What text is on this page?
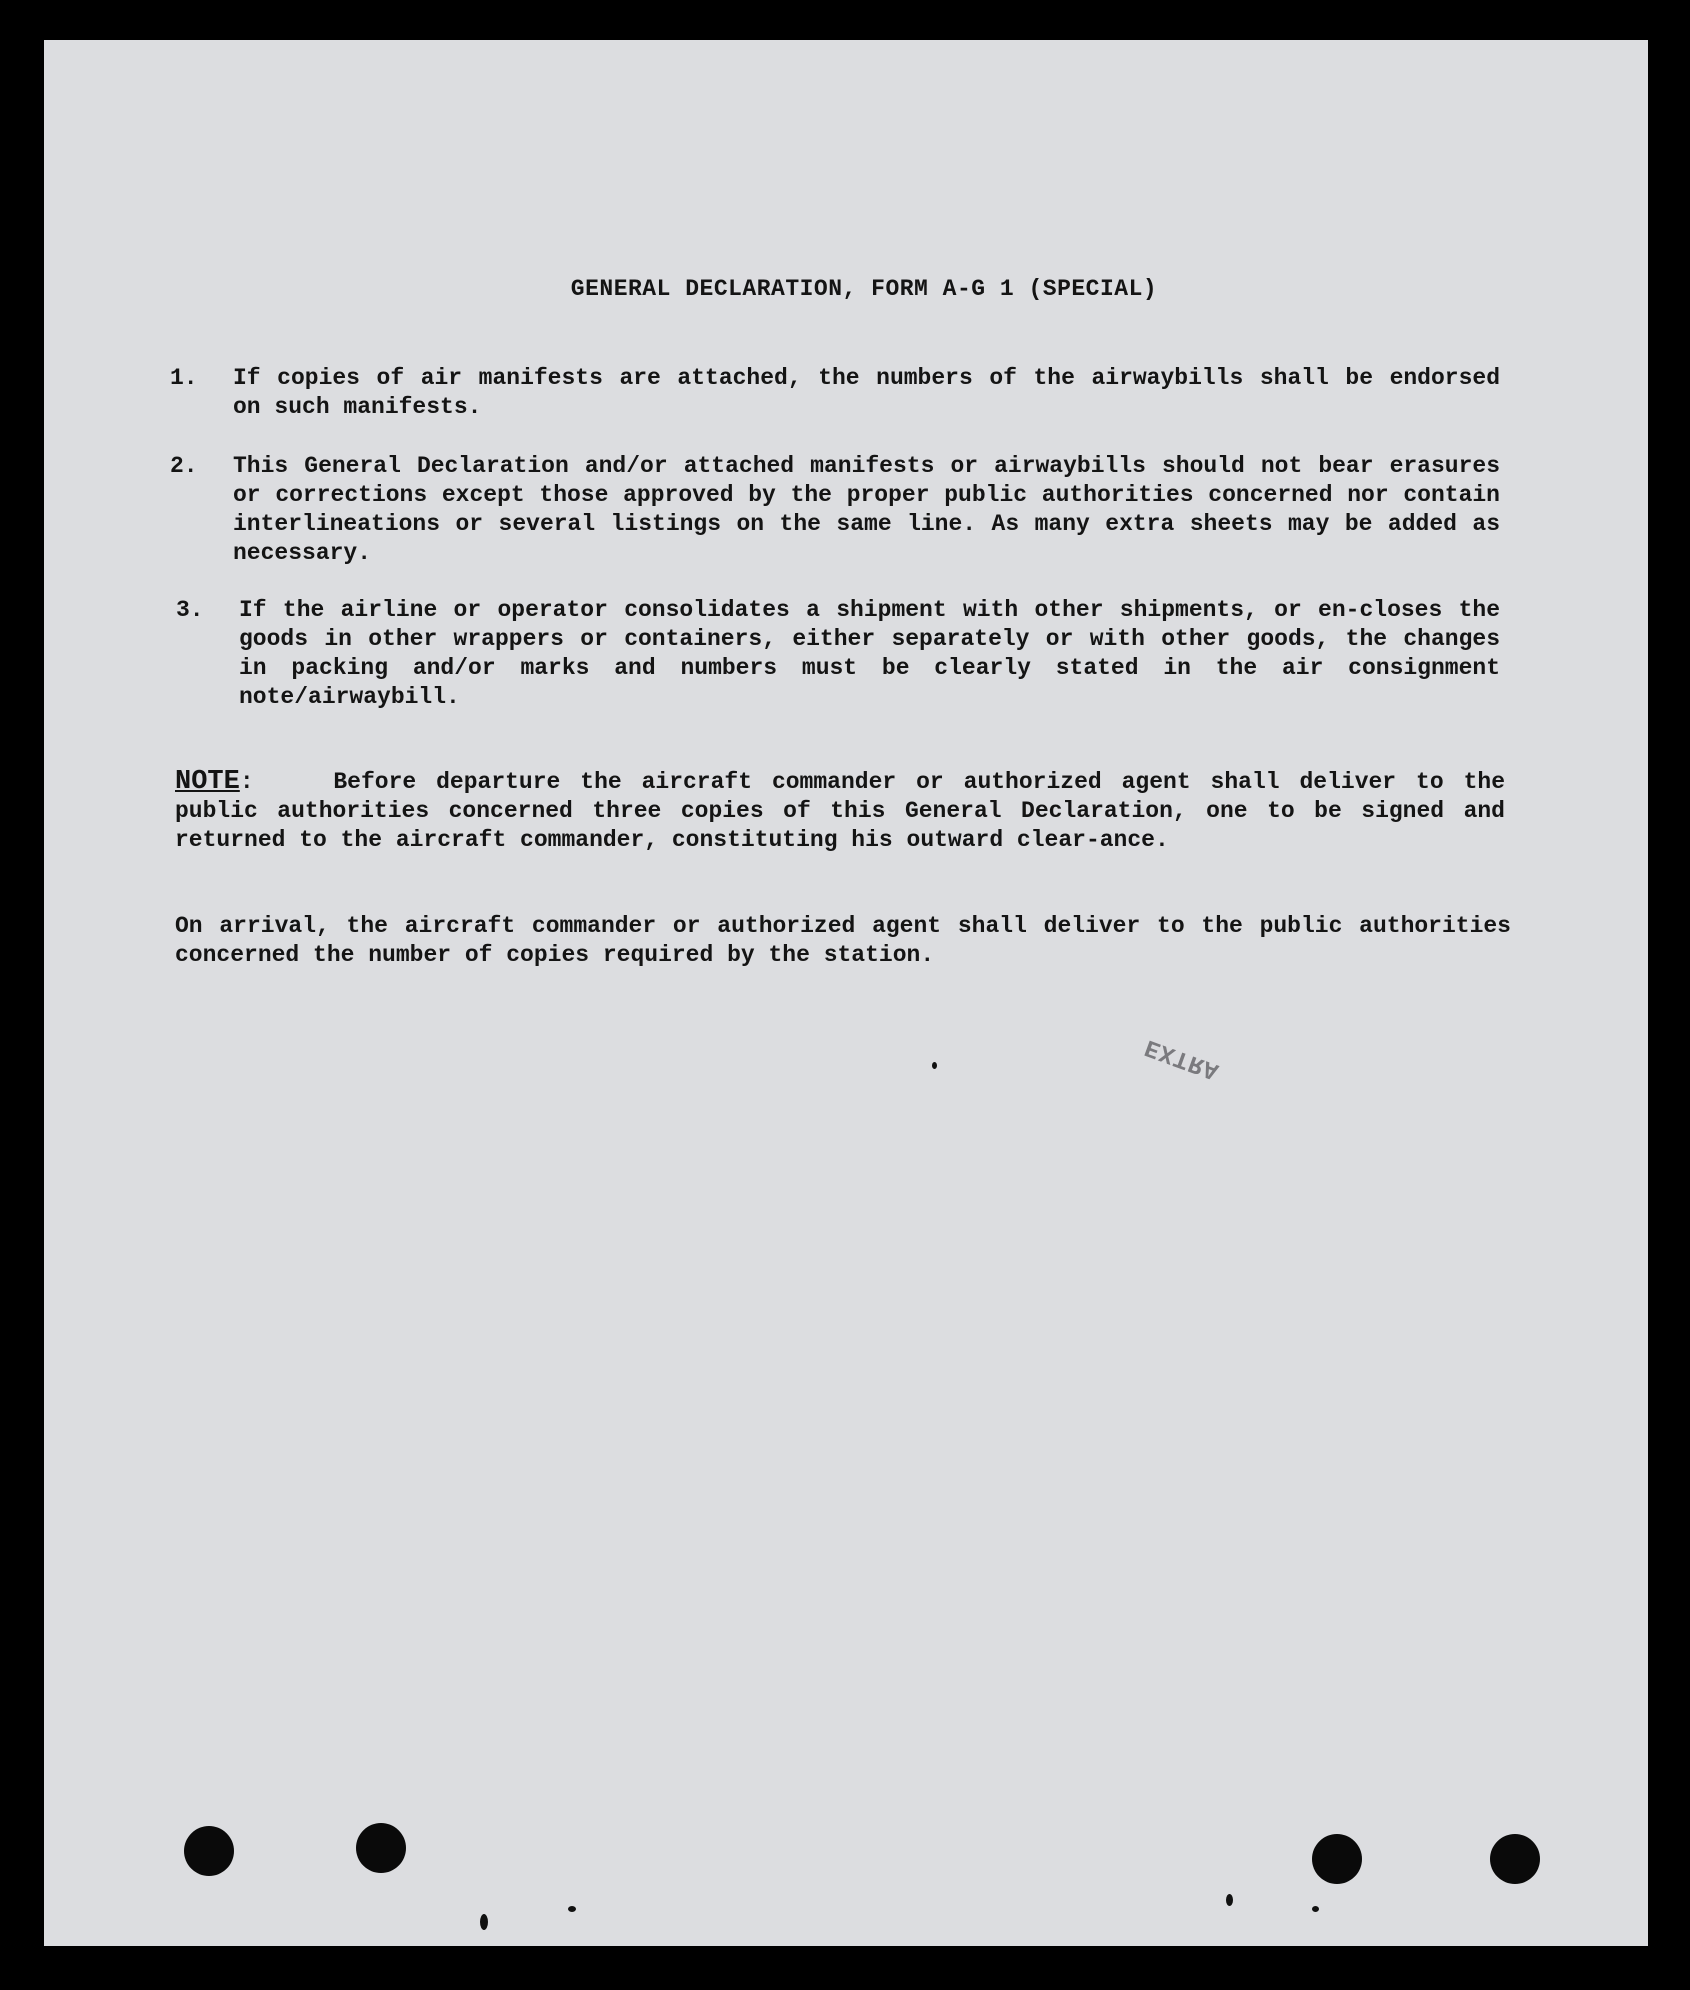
GENERAL DECLARATION, FORM A-G 1 (SPECIAL)
1. If copies of air manifests are attached, the numbers of the airwaybills shall be endorsed on such manifests.
2. This General Declaration and/or attached manifests or airwaybills should not bear erasures or corrections except those approved by the proper public authorities concerned nor contain interlineations or several listings on the same line. As many extra sheets may be added as necessary.
3. If the airline or operator consolidates a shipment with other shipments, or en-closes the goods in other wrappers or containers, either separately or with other goods, the changes in packing and/or marks and numbers must be clearly stated in the air consignment note/airwaybill.
NOTE:    Before departure the aircraft commander or authorized agent shall deliver to the public authorities concerned three copies of this General Declaration, one to be signed and returned to the aircraft commander, constituting his outward clear-ance.
On arrival, the aircraft commander or authorized agent shall deliver to the public authorities concerned the number of copies required by the station.
EXTRA
